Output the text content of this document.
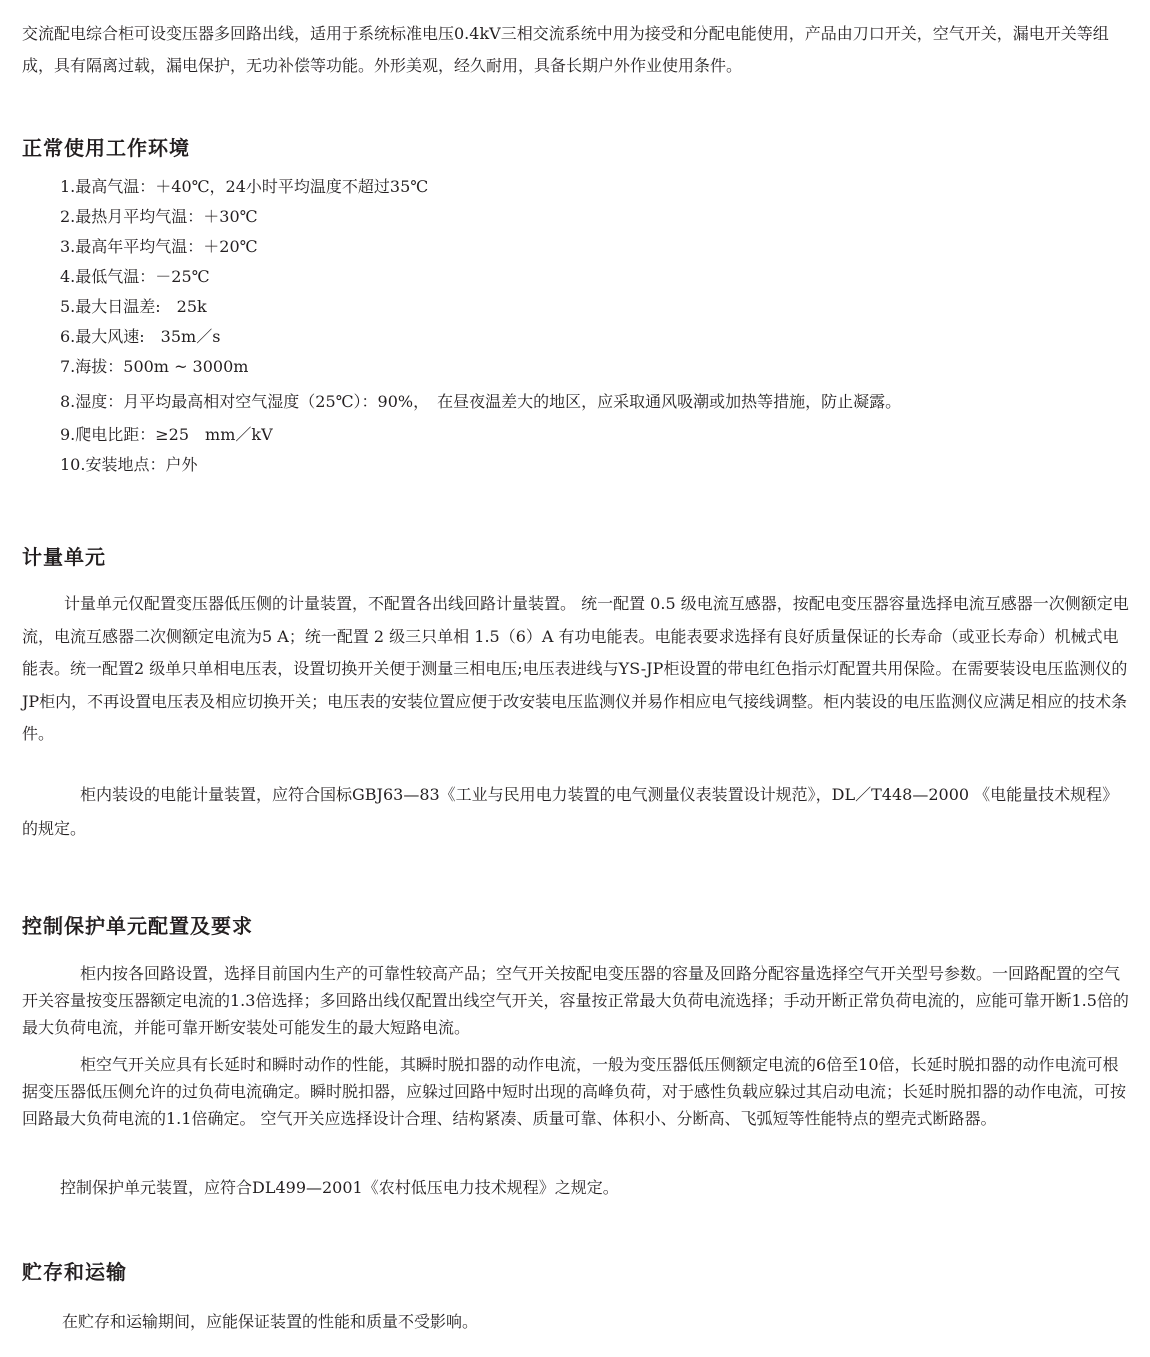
交流配电综合柜可设变压器多回路出线，适用于系统标准电压0.4kV三相交流系统中用为接受和分配电能使用，产品由刀口开关，空气开关，漏电开关等组成，具有隔离过载，漏电保护，无功补偿等功能。外形美观，经久耐用，具备长期户外作业使用条件。

正常使用工作环境
1.最高气温：＋40℃，24小时平均温度不超过35℃
2.最热月平均气温：＋30℃
3.最高年平均气温：＋20℃
4.最低气温：－25℃
5.最大日温差:　25k
6.最大风速:　35m／s
7.海拔：500m ~ 3000m
8.湿度：月平均最高相对空气湿度（25℃）：90%，　在昼夜温差大的地区，应采取通风吸潮或加热等措施，防止凝露。
9.爬电比距：≥25　mm／kV
10.安装地点：户外
计量单元

计量单元仅配置变压器低压侧的计量装置，不配置各出线回路计量装置。 统一配置 0.5 级电流互感器，按配电变压器容量选择电流互感器一次侧额定电流，电流互感器二次侧额定电流为5 A；统一配置 2 级三只单相 1.5（6）A 有功电能表。电能表要求选择有良好质量保证的长寿命（或亚长寿命）机械式电能表。统一配置2 级单只单相电压表，设置切换开关便于测量三相电压;电压表进线与YS-JP柜设置的带电红色指示灯配置共用保险。在需要装设电压监测仪的JP柜内，不再设置电压表及相应切换开关；电压表的安装位置应便于改安装电压监测仪并易作相应电气接线调整。柜内装设的电压监测仪应满足相应的技术条件。

柜内装设的电能计量装置，应符合国标GBJ63—83《工业与民用电力装置的电气测量仪表装置设计规范》，DL／T448—2000 《电能量技术规程》的规定。

控制保护单元配置及要求

柜内按各回路设置，选择目前国内生产的可靠性较高产品；空气开关按配电变压器的容量及回路分配容量选择空气开关型号参数。一回路配置的空气开关容量按变压器额定电流的1.3倍选择；多回路出线仅配置出线空气开关，容量按正常最大负荷电流选择；手动开断正常负荷电流的，应能可靠开断1.5倍的最大负荷电流，并能可靠开断安装处可能发生的最大短路电流。

柜空气开关应具有长延时和瞬时动作的性能，其瞬时脱扣器的动作电流，一般为变压器低压侧额定电流的6倍至10倍，长延时脱扣器的动作电流可根据变压器低压侧允许的过负荷电流确定。瞬时脱扣器，应躲过回路中短时出现的高峰负荷，对于感性负载应躲过其启动电流；长延时脱扣器的动作电流，可按回路最大负荷电流的1.1倍确定。 空气开关应选择设计合理、结构紧凑、质量可靠、体积小、分断高、飞弧短等性能特点的塑壳式断路器。

控制保护单元装置，应符合DL499—2001《农村低压电力技术规程》之规定。

贮存和运输

在贮存和运输期间，应能保证装置的性能和质量不受影响。
